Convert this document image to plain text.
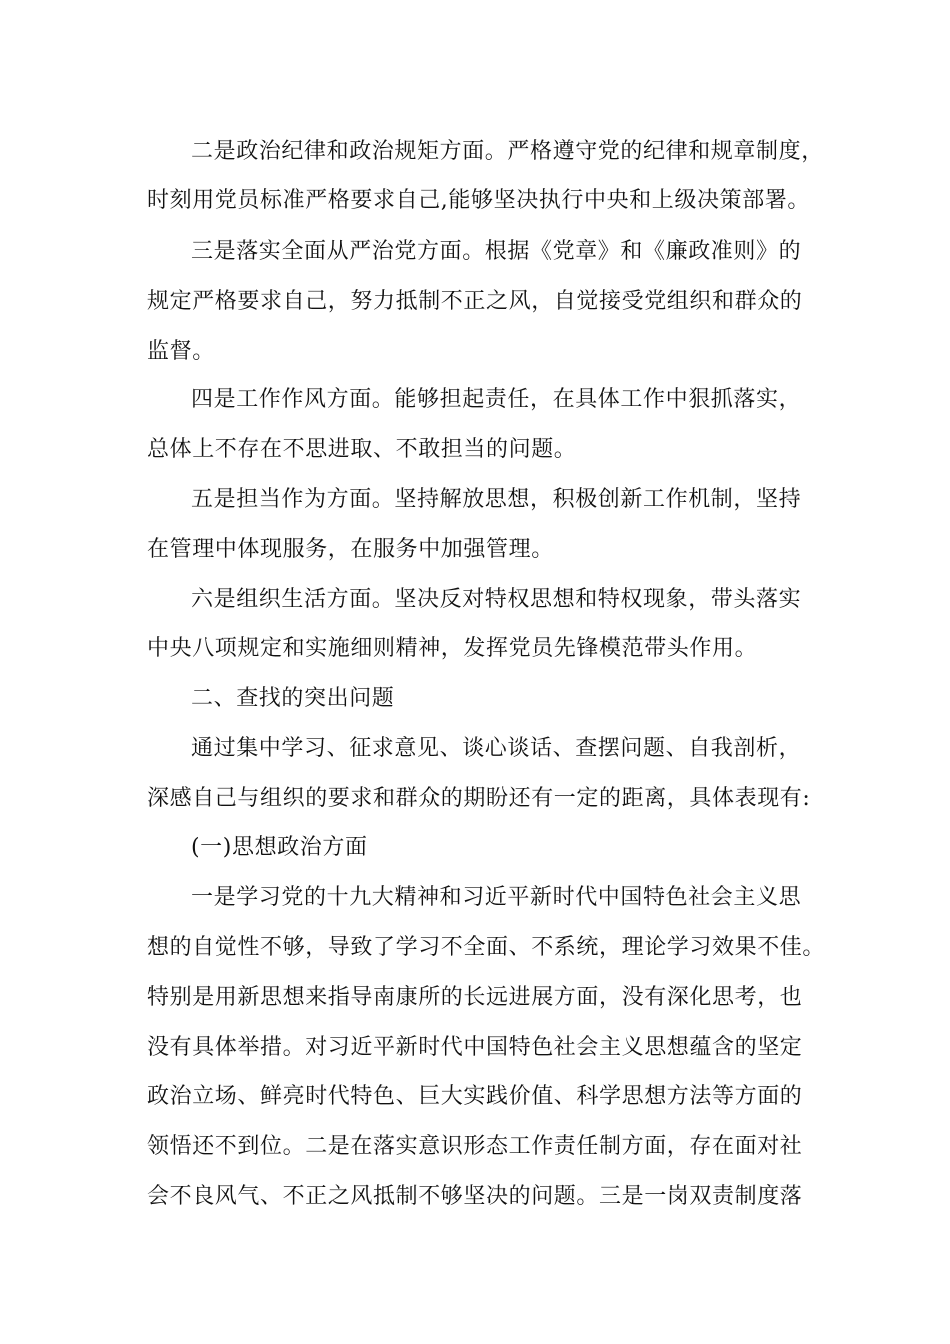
二是政治纪律和政治规矩方面。严格遵守党的纪律和规章制度，
时刻用党员标准严格要求自己,能够坚决执行中央和上级决策部署。
三是落实全面从严治党方面。根据《党章》和《廉政准则》的
规定严格要求自己，努力抵制不正之风，自觉接受党组织和群众的
监督。
四是工作作风方面。能够担起责任，在具体工作中狠抓落实，
总体上不存在不思进取、不敢担当的问题。
五是担当作为方面。坚持解放思想，积极创新工作机制，坚持
在管理中体现服务，在服务中加强管理。
六是组织生活方面。坚决反对特权思想和特权现象，带头落实
中央八项规定和实施细则精神，发挥党员先锋模范带头作用。
二、查找的突出问题
通过集中学习、征求意见、谈心谈话、查摆问题、自我剖析，
深感自己与组织的要求和群众的期盼还有一定的距离，具体表现有:
(一)思想政治方面
一是学习党的十九大精神和习近平新时代中国特色社会主义思
想的自觉性不够，导致了学习不全面、不系统，理论学习效果不佳。
特别是用新思想来指导南康所的长远进展方面，没有深化思考，也
没有具体举措。对习近平新时代中国特色社会主义思想蕴含的坚定
政治立场、鲜亮时代特色、巨大实践价值、科学思想方法等方面的
领悟还不到位。二是在落实意识形态工作责任制方面，存在面对社
会不良风气、不正之风抵制不够坚决的问题。三是一岗双责制度落
